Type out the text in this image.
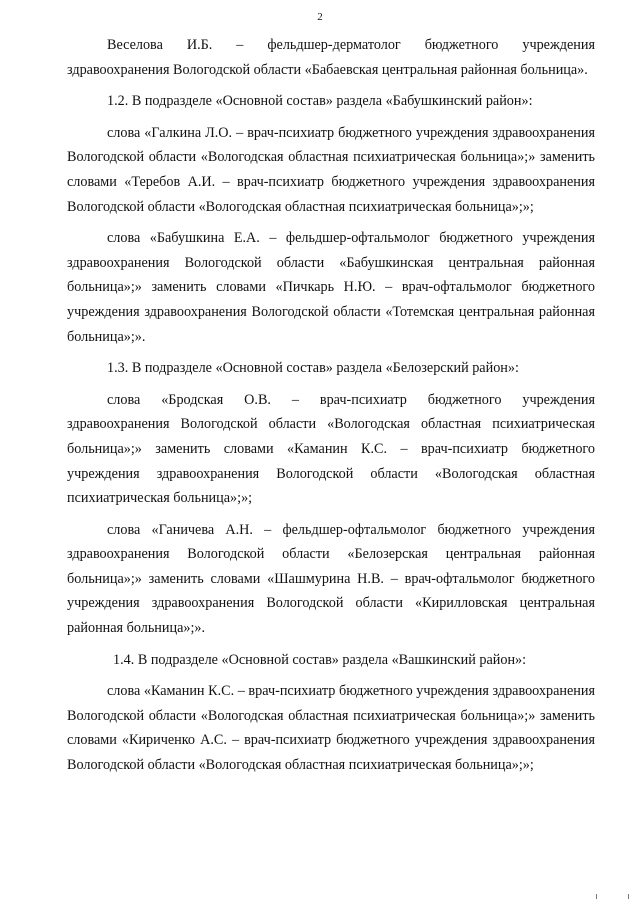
2

Веселова И.Б. – фельдшер-дерматолог бюджетного учреждения здравоохранения Вологодской области «Бабаевская центральная районная больница».

1.2. В подразделе «Основной состав» раздела «Бабушкинский район»:

слова «Галкина Л.О. – врач-психиатр бюджетного учреждения здравоохранения Вологодской области «Вологодская областная психиатрическая больница»;» заменить словами «Теребов А.И. – врач-психиатр бюджетного учреждения здравоохранения Вологодской области «Вологодская областная психиатрическая больница»;»;

слова «Бабушкина Е.А. – фельдшер-офтальмолог бюджетного учреждения здравоохранения Вологодской области «Бабушкинская центральная районная больница»;» заменить словами «Пичкарь Н.Ю. – врач-офтальмолог бюджетного учреждения здравоохранения Вологодской области «Тотемская центральная районная больница»;».

1.3. В подразделе «Основной состав» раздела «Белозерский район»:

слова «Бродская О.В. – врач-психиатр бюджетного учреждения здравоохранения Вологодской области «Вологодская областная психиатрическая больница»;» заменить словами «Каманин К.С. – врач-психиатр бюджетного учреждения здравоохранения Вологодской области «Вологодская областная психиатрическая больница»;»;

слова «Ганичева А.Н. – фельдшер-офтальмолог бюджетного учреждения здравоохранения Вологодской области «Белозерская центральная районная больница»;» заменить словами «Шашмурина Н.В. – врач-офтальмолог бюджетного учреждения здравоохранения Вологодской области «Кирилловская центральная районная больница»;».

1.4. В подразделе «Основной состав» раздела «Вашкинский район»:

слова «Каманин К.С. – врач-психиатр бюджетного учреждения здравоохранения Вологодской области «Вологодская областная психиатрическая больница»;» заменить словами «Кириченко А.С. – врач-психиатр бюджетного учреждения здравоохранения Вологодской области «Вологодская областная психиатрическая больница»;»;
